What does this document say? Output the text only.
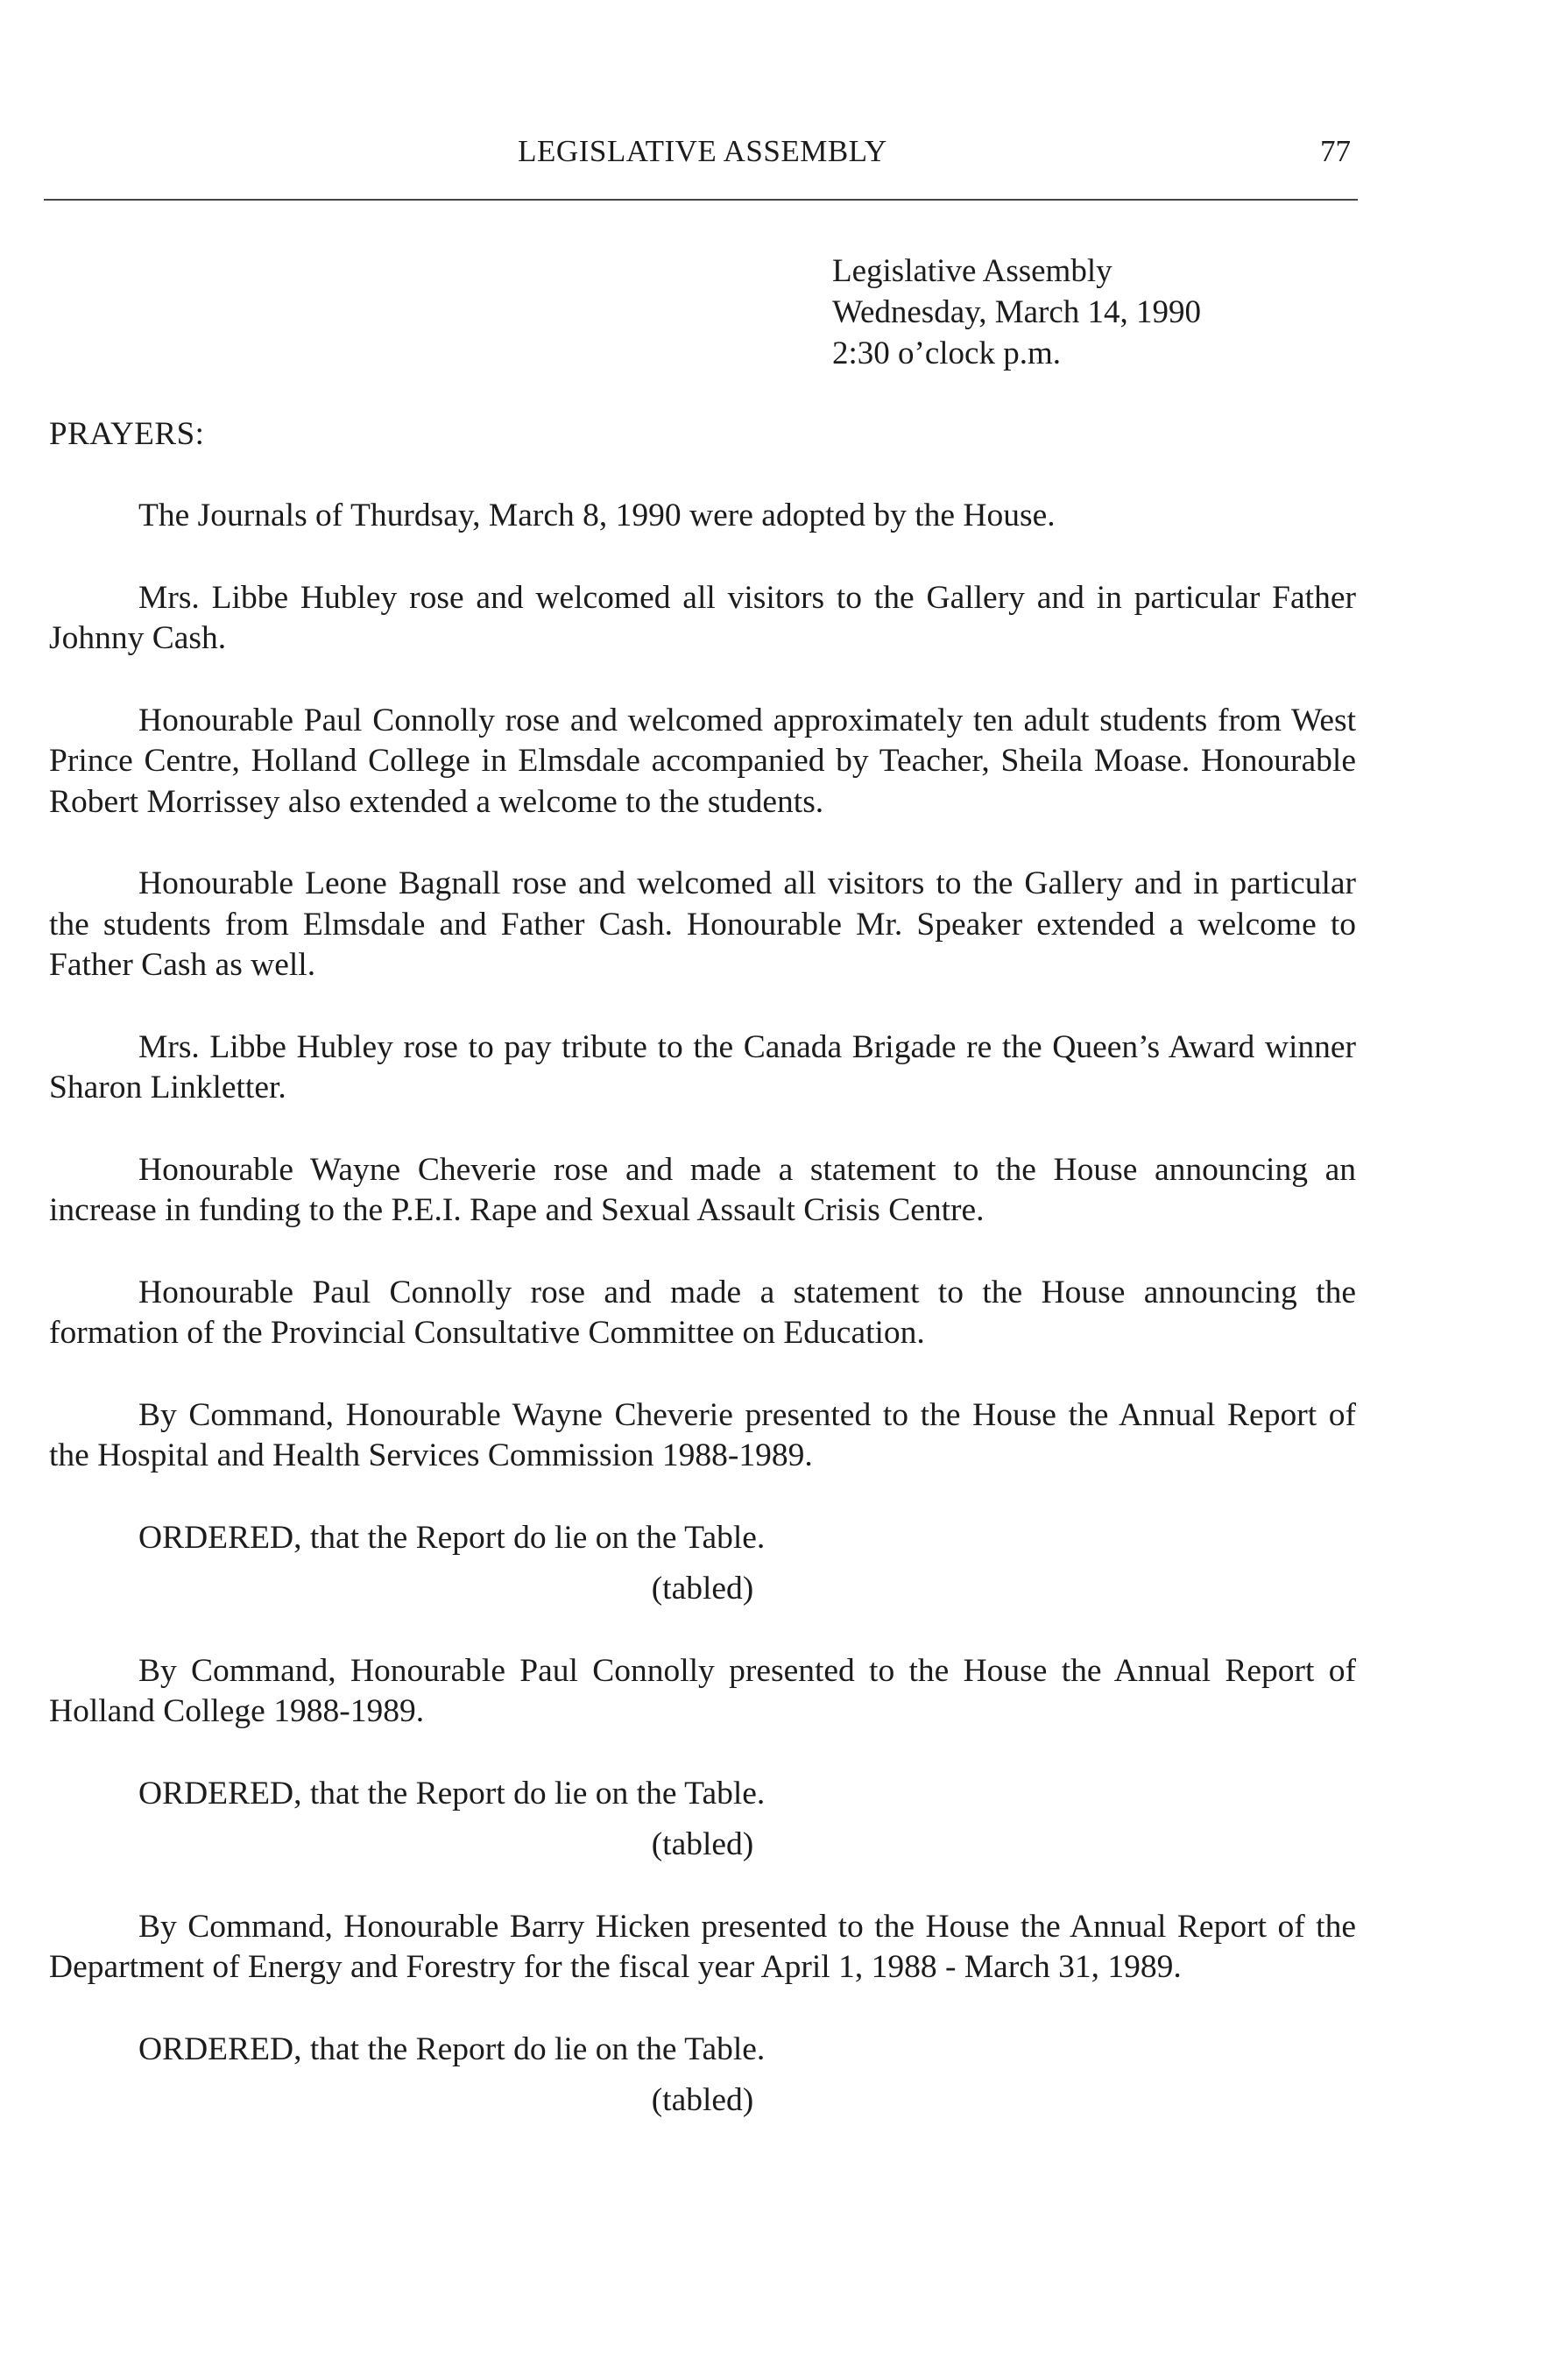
LEGISLATIVE ASSEMBLY	77
Legislative Assembly
Wednesday, March 14, 1990
2:30 o’clock p.m.
PRAYERS:

The Journals of Thurdsay, March 8, 1990 were adopted by the House.

Mrs. Libbe Hubley rose and welcomed all visitors to the Gallery and in particular Father Johnny Cash.

Honourable Paul Connolly rose and welcomed approximately ten adult students from West Prince Centre, Holland College in Elmsdale accompanied by Teacher, Sheila Moase. Honourable Robert Morrissey also extended a welcome to the students.

Honourable Leone Bagnall rose and welcomed all visitors to the Gallery and in particular the students from Elmsdale and Father Cash. Honourable Mr. Speaker extended a welcome to Father Cash as well.

Mrs. Libbe Hubley rose to pay tribute to the Canada Brigade re the Queen’s Award winner Sharon Linkletter.

Honourable Wayne Cheverie rose and made a statement to the House announcing an increase in funding to the P.E.I. Rape and Sexual Assault Crisis Centre.

Honourable Paul Connolly rose and made a statement to the House announcing the formation of the Provincial Consultative Committee on Education.

By Command, Honourable Wayne Cheverie presented to the House the Annual Report of the Hospital and Health Services Commission 1988-1989.

ORDERED, that the Report do lie on the Table.

(tabled)

By Command, Honourable Paul Connolly presented to the House the Annual Report of Holland College 1988-1989.

ORDERED, that the Report do lie on the Table.

(tabled)

By Command, Honourable Barry Hicken presented to the House the Annual Report of the Department of Energy and Forestry for the fiscal year April 1, 1988 - March 31, 1989.

ORDERED, that the Report do lie on the Table.

(tabled)
